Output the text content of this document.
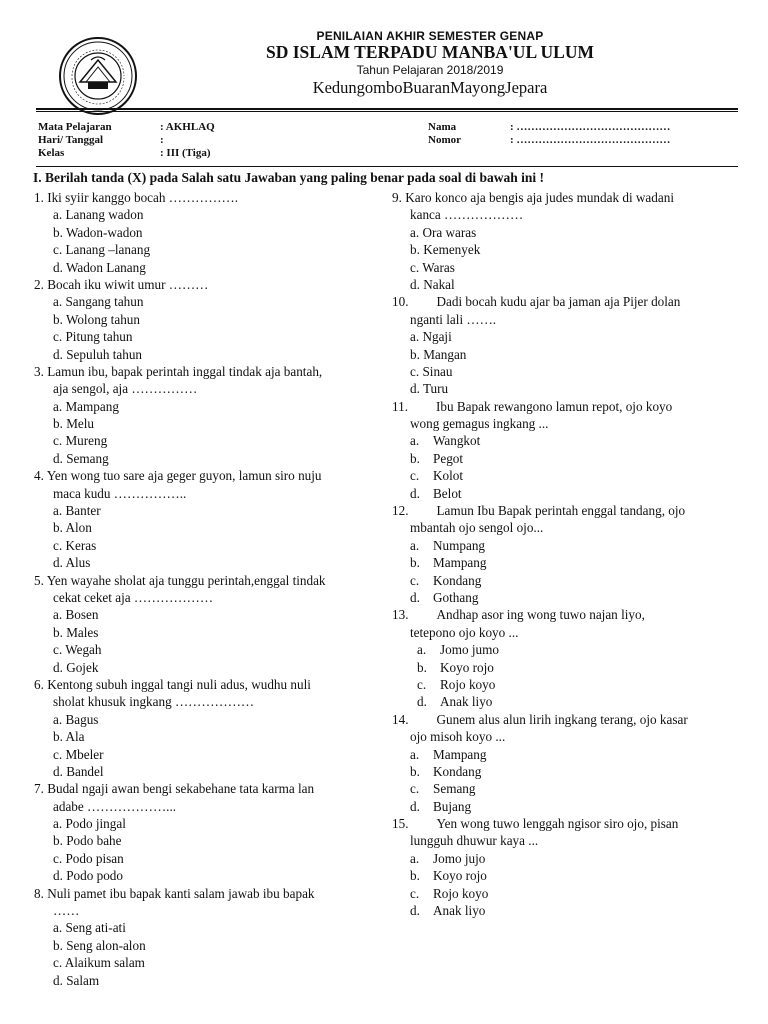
PENILAIAN AKHIR SEMESTER GENAP
SD ISLAM TERPADU MANBA'UL ULUM
Tahun Pelajaran 2018/2019
KedungomboBuaranMayongJepara
Mata Pelajaran
Hari/ Tanggal
Kelas
: AKHLAQ
:
: III (Tiga)
Nama
Nomor
: ……………………………………
: ……………………………………
I. Berilah tanda (X) pada Salah satu Jawaban yang paling benar pada soal di bawah ini !
1. Iki syiir kanggo bocah …………….
a. Lanang wadon
b. Wadon-wadon
c. Lanang –lanang
d. Wadon Lanang
2. Bocah iku wiwit umur ………
a. Sangang tahun
b. Wolong tahun
c. Pitung tahun
d. Sepuluh tahun
3. Lamun ibu, bapak perintah inggal tindak aja bantah,
aja sengol, aja ……………
a. Mampang
b. Melu
c. Mureng
d. Semang
4. Yen wong tuo sare aja geger guyon, lamun siro nuju
maca kudu ……………..
a. Banter
b. Alon
c. Keras
d. Alus
5. Yen wayahe sholat aja tunggu perintah,enggal tindak
cekat ceket aja ………………
a. Bosen
b. Males
c. Wegah
d. Gojek
6. Kentong subuh inggal tangi nuli adus, wudhu nuli
sholat khusuk ingkang ………………
a. Bagus
b. Ala
c. Mbeler
d. Bandel
7. Budal ngaji awan bengi sekabehane tata karma lan
adabe ………………...
a. Podo jingal
b. Podo bahe
c. Podo pisan
d. Podo podo
8. Nuli pamet ibu bapak kanti salam jawab ibu bapak
……
a. Seng ati-ati
b. Seng alon-alon
c. Alaikum salam
d. Salam
9. Karo konco aja bengis aja judes mundak di wadani
kanca ………………
a. Ora waras
b. Kemenyek
c. Waras
d. Nakal
10. Dadi bocah kudu ajar ba jaman aja Pijer dolan
nganti lali …….
a. Ngaji
b. Mangan
c. Sinau
d. Turu
11. Ibu Bapak rewangono lamun repot, ojo koyo
wong gemagus ingkang ...
a. Wangkot
b. Pegot
c. Kolot
d. Belot
12. Lamun Ibu Bapak perintah enggal tandang, ojo
mbantah ojo sengol ojo...
a. Numpang
b. Mampang
c. Kondang
d. Gothang
13. Andhap asor ing wong tuwo najan liyo,
tetepono ojo koyo ...
a. Jomo jumo
b. Koyo rojo
c. Rojo koyo
d. Anak liyo
14. Gunem alus alun lirih ingkang terang, ojo kasar
ojo misoh koyo ...
a. Mampang
b. Kondang
c. Semang
d. Bujang
15. Yen wong tuwo lenggah ngisor siro ojo, pisan
lungguh dhuwur kaya ...
a. Jomo jujo
b. Koyo rojo
c. Rojo koyo
d. Anak liyo
